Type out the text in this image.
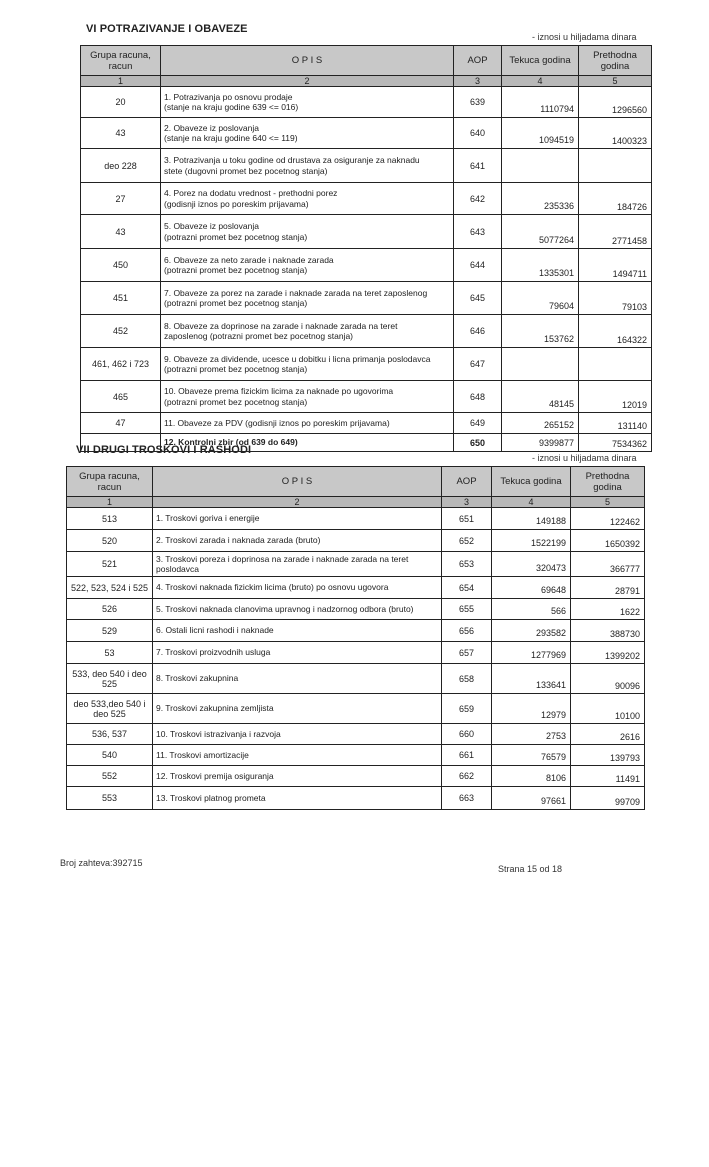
VI POTRAZIVANJE I OBAVEZE
- iznosi u hiljadama dinara
Grupa racuna, racun	O P I S	AOP	Tekuca godina	Prethodna godina
1	2	3	4	5
20	1. Potrazivanja po osnovu prodaje
(stanje na kraju godine 639 <= 016)	639	1110794	1296560
43	2. Obaveze iz poslovanja
(stanje na kraju godine 640 <= 119)	640	1094519	1400323
deo 228	3. Potrazivanja u toku godine od drustava za osiguranje za naknadu
stete (dugovni promet bez pocetnog stanja)	641		
27	4. Porez na dodatu vrednost - prethodni porez
(godisnji iznos po poreskim prijavama)	642	235336	184726
43	5. Obaveze iz poslovanja
(potrazni promet bez pocetnog stanja)	643	5077264	2771458
450	6. Obaveze za neto zarade i naknade zarada
(potrazni promet bez pocetnog stanja)	644	1335301	1494711
451	7. Obaveze za porez na zarade i naknade zarada na teret zaposlenog
(potrazni promet bez pocetnog stanja)	645	79604	79103
452	8. Obaveze za doprinose na zarade i naknade zarada na teret
zaposlenog (potrazni promet bez pocetnog stanja)	646	153762	164322
461, 462 i 723	9. Obaveze za dividende, ucesce u dobitku i licna primanja poslodavca
(potrazni promet bez pocetnog stanja)	647		
465	10. Obaveze prema fizickim licima za naknade po ugovorima
(potrazni promet bez pocetnog stanja)	648	48145	12019
47	11. Obaveze za PDV (godisnji iznos po poreskim prijavama)	649	265152	131140
	12. Kontrolni zbir (od 639 do 649)	650	9399877	7534362
VII DRUGI TROSKOVI I RASHODI
- iznosi u hiljadama dinara
Grupa racuna, racun	O P I S	AOP	Tekuca godina	Prethodna godina
1	2	3	4	5
513	1. Troskovi goriva i energije	651	149188	122462
520	2. Troskovi zarada i naknada zarada (bruto)	652	1522199	1650392
521	3. Troskovi poreza i doprinosa na zarade i naknade zarada na teret
poslodavca	653	320473	366777
522, 523, 524 i 525	4. Troskovi naknada fizickim licima (bruto) po osnovu ugovora	654	69648	28791
526	5. Troskovi naknada clanovima upravnog i nadzornog odbora (bruto)	655	566	1622
529	6. Ostali licni rashodi i naknade	656	293582	388730
53	7. Troskovi proizvodnih usluga	657	1277969	1399202
533, deo 540 i deo
525	8. Troskovi zakupnina	658	133641	90096
deo 533,deo 540 i
deo 525	9. Troskovi zakupnina zemljista	659	12979	10100
536, 537	10. Troskovi istrazivanja i razvoja	660	2753	2616
540	11. Troskovi amortizacije	661	76579	139793
552	12. Troskovi premija osiguranja	662	8106	11491
553	13. Troskovi platnog prometa	663	97661	99709
Broj zahteva:392715
Strana 15 od 18
